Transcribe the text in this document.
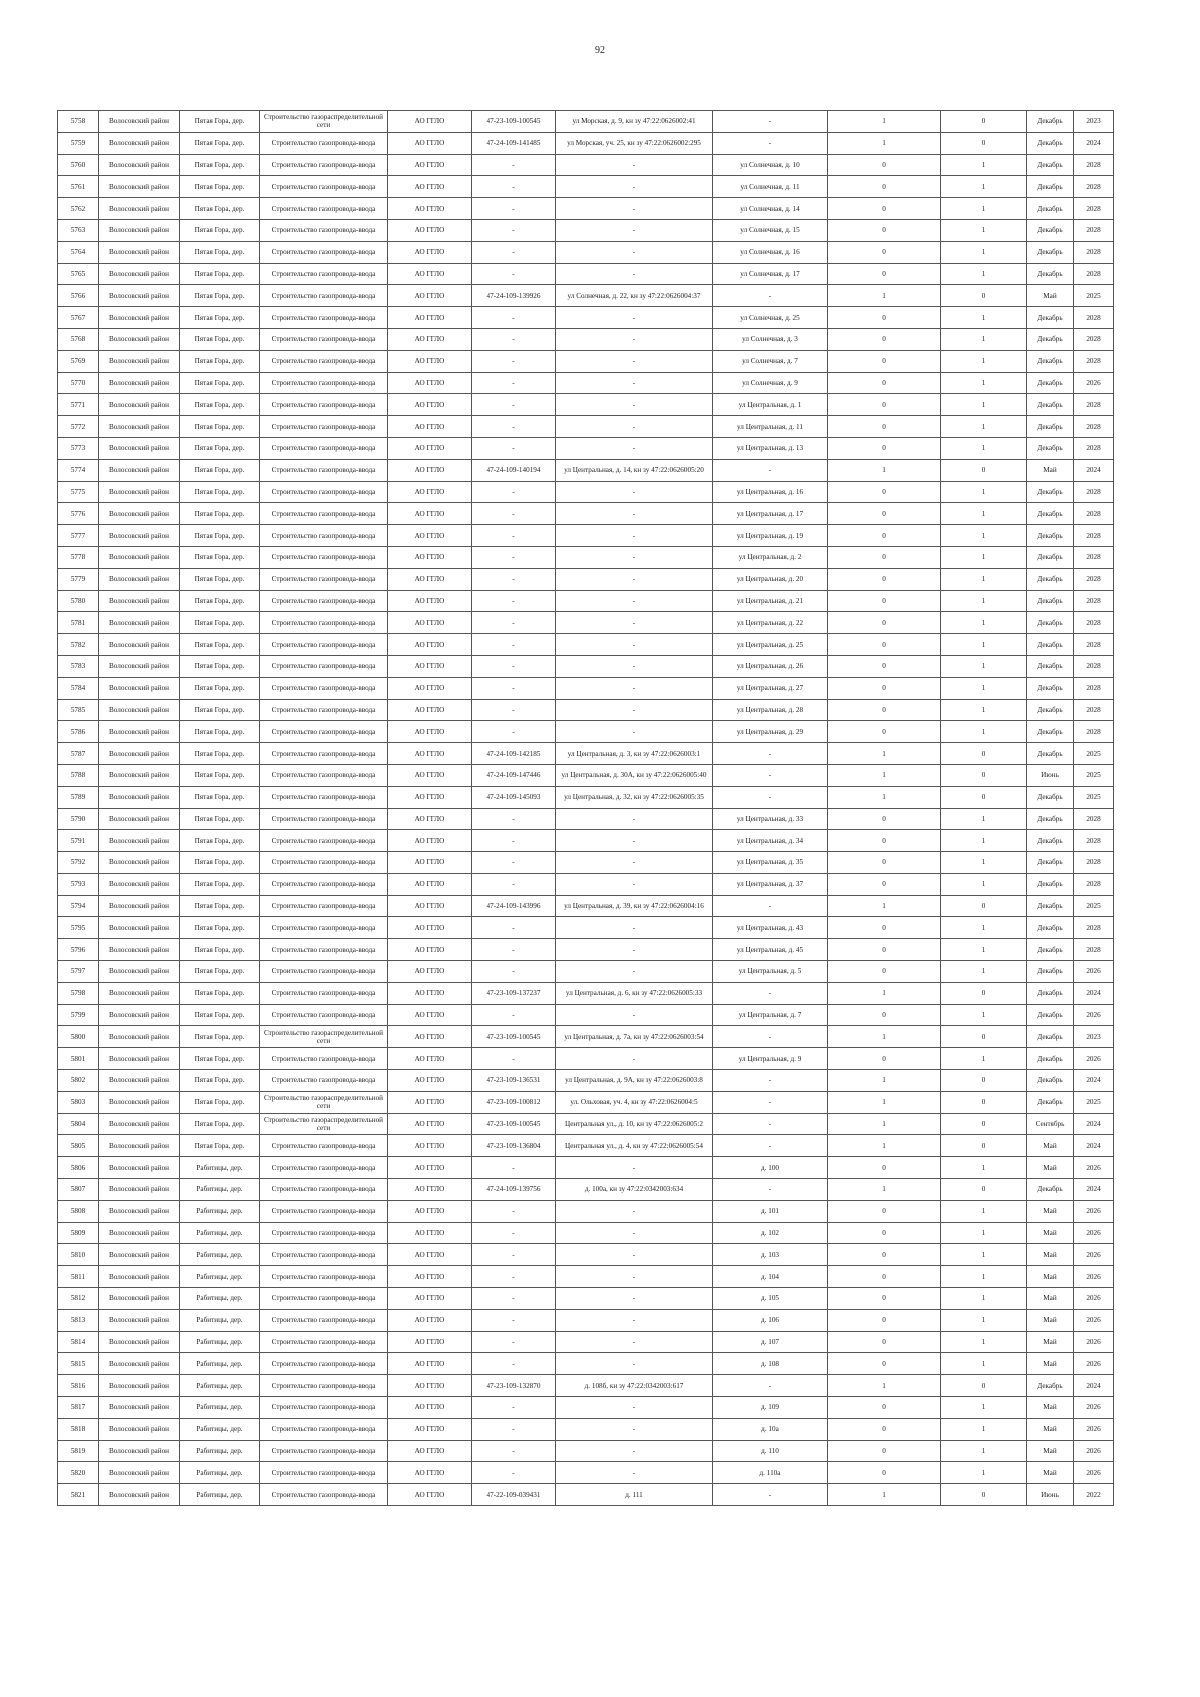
92
5758	Волосовский район	Пятая Гора, дер.	Строительство газораспределительной сети	АО ГГЛО	47-23-109-100545	ул Морская, д. 9, кн зу 47:22:0626002:41	-	1	0	Декабрь	2023
5759	Волосовский район	Пятая Гора, дер.	Строительство газопровода-ввода	АО ГГЛО	47-24-109-141485	ул Морская, уч. 25, кн зу 47:22:0626002:295	-	1	0	Декабрь	2024
5760	Волосовский район	Пятая Гора, дер.	Строительство газопровода-ввода	АО ГГЛО	-	-	ул Солнечная, д. 10	0	1	Декабрь	2028
5761	Волосовский район	Пятая Гора, дер.	Строительство газопровода-ввода	АО ГГЛО	-	-	ул Солнечная, д. 11	0	1	Декабрь	2028
5762	Волосовский район	Пятая Гора, дер.	Строительство газопровода-ввода	АО ГГЛО	-	-	ул Солнечная, д. 14	0	1	Декабрь	2028
5763	Волосовский район	Пятая Гора, дер.	Строительство газопровода-ввода	АО ГГЛО	-	-	ул Солнечная, д. 15	0	1	Декабрь	2028
5764	Волосовский район	Пятая Гора, дер.	Строительство газопровода-ввода	АО ГГЛО	-	-	ул Солнечная, д. 16	0	1	Декабрь	2028
5765	Волосовский район	Пятая Гора, дер.	Строительство газопровода-ввода	АО ГГЛО	-	-	ул Солнечная, д. 17	0	1	Декабрь	2028
5766	Волосовский район	Пятая Гора, дер.	Строительство газопровода-ввода	АО ГГЛО	47-24-109-139926	ул Солнечная, д. 22, кн зу 47:22:0626004:37	-	1	0	Май	2025
5767	Волосовский район	Пятая Гора, дер.	Строительство газопровода-ввода	АО ГГЛО	-	-	ул Солнечная, д. 25	0	1	Декабрь	2028
5768	Волосовский район	Пятая Гора, дер.	Строительство газопровода-ввода	АО ГГЛО	-	-	ул Солнечная, д. 3	0	1	Декабрь	2028
5769	Волосовский район	Пятая Гора, дер.	Строительство газопровода-ввода	АО ГГЛО	-	-	ул Солнечная, д. 7	0	1	Декабрь	2028
5770	Волосовский район	Пятая Гора, дер.	Строительство газопровода-ввода	АО ГГЛО	-	-	ул Солнечная, д. 9	0	1	Декабрь	2026
5771	Волосовский район	Пятая Гора, дер.	Строительство газопровода-ввода	АО ГГЛО	-	-	ул Центральная, д. 1	0	1	Декабрь	2028
5772	Волосовский район	Пятая Гора, дер.	Строительство газопровода-ввода	АО ГГЛО	-	-	ул Центральная, д. 11	0	1	Декабрь	2028
5773	Волосовский район	Пятая Гора, дер.	Строительство газопровода-ввода	АО ГГЛО	-	-	ул Центральная, д. 13	0	1	Декабрь	2028
5774	Волосовский район	Пятая Гора, дер.	Строительство газопровода-ввода	АО ГГЛО	47-24-109-140194	ул Центральная, д. 14, кн зу 47:22:0626005:20	-	1	0	Май	2024
5775	Волосовский район	Пятая Гора, дер.	Строительство газопровода-ввода	АО ГГЛО	-	-	ул Центральная, д. 16	0	1	Декабрь	2028
5776	Волосовский район	Пятая Гора, дер.	Строительство газопровода-ввода	АО ГГЛО	-	-	ул Центральная, д. 17	0	1	Декабрь	2028
5777	Волосовский район	Пятая Гора, дер.	Строительство газопровода-ввода	АО ГГЛО	-	-	ул Центральная, д. 19	0	1	Декабрь	2028
5778	Волосовский район	Пятая Гора, дер.	Строительство газопровода-ввода	АО ГГЛО	-	-	ул Центральная, д. 2	0	1	Декабрь	2028
5779	Волосовский район	Пятая Гора, дер.	Строительство газопровода-ввода	АО ГГЛО	-	-	ул Центральная, д. 20	0	1	Декабрь	2028
5780	Волосовский район	Пятая Гора, дер.	Строительство газопровода-ввода	АО ГГЛО	-	-	ул Центральная, д. 21	0	1	Декабрь	2028
5781	Волосовский район	Пятая Гора, дер.	Строительство газопровода-ввода	АО ГГЛО	-	-	ул Центральная, д. 22	0	1	Декабрь	2028
5782	Волосовский район	Пятая Гора, дер.	Строительство газопровода-ввода	АО ГГЛО	-	-	ул Центральная, д. 25	0	1	Декабрь	2028
5783	Волосовский район	Пятая Гора, дер.	Строительство газопровода-ввода	АО ГГЛО	-	-	ул Центральная, д. 26	0	1	Декабрь	2028
5784	Волосовский район	Пятая Гора, дер.	Строительство газопровода-ввода	АО ГГЛО	-	-	ул Центральная, д. 27	0	1	Декабрь	2028
5785	Волосовский район	Пятая Гора, дер.	Строительство газопровода-ввода	АО ГГЛО	-	-	ул Центральная, д. 28	0	1	Декабрь	2028
5786	Волосовский район	Пятая Гора, дер.	Строительство газопровода-ввода	АО ГГЛО	-	-	ул Центральная, д. 29	0	1	Декабрь	2028
5787	Волосовский район	Пятая Гора, дер.	Строительство газопровода-ввода	АО ГГЛО	47-24-109-142185	ул Центральная, д. 3, кн зу 47:22:0626003:1	-	1	0	Декабрь	2025
5788	Волосовский район	Пятая Гора, дер.	Строительство газопровода-ввода	АО ГГЛО	47-24-109-147446	ул Центральная, д. 30А, кн зу 47:22:0626005:40	-	1	0	Июнь	2025
5789	Волосовский район	Пятая Гора, дер.	Строительство газопровода-ввода	АО ГГЛО	47-24-109-145093	ул Центральная, д. 32, кн зу 47:22:0626005:35	-	1	0	Декабрь	2025
5790	Волосовский район	Пятая Гора, дер.	Строительство газопровода-ввода	АО ГГЛО	-	-	ул Центральная, д. 33	0	1	Декабрь	2028
5791	Волосовский район	Пятая Гора, дер.	Строительство газопровода-ввода	АО ГГЛО	-	-	ул Центральная, д. 34	0	1	Декабрь	2028
5792	Волосовский район	Пятая Гора, дер.	Строительство газопровода-ввода	АО ГГЛО	-	-	ул Центральная, д. 35	0	1	Декабрь	2028
5793	Волосовский район	Пятая Гора, дер.	Строительство газопровода-ввода	АО ГГЛО	-	-	ул Центральная, д. 37	0	1	Декабрь	2028
5794	Волосовский район	Пятая Гора, дер.	Строительство газопровода-ввода	АО ГГЛО	47-24-109-143996	ул Центральная, д. 39, кн зу 47:22:0626004:16	-	1	0	Декабрь	2025
5795	Волосовский район	Пятая Гора, дер.	Строительство газопровода-ввода	АО ГГЛО	-	-	ул Центральная, д. 43	0	1	Декабрь	2028
5796	Волосовский район	Пятая Гора, дер.	Строительство газопровода-ввода	АО ГГЛО	-	-	ул Центральная, д. 45	0	1	Декабрь	2028
5797	Волосовский район	Пятая Гора, дер.	Строительство газопровода-ввода	АО ГГЛО	-	-	ул Центральная, д. 5	0	1	Декабрь	2026
5798	Волосовский район	Пятая Гора, дер.	Строительство газопровода-ввода	АО ГГЛО	47-23-109-137237	ул Центральная, д. 6, кн зу 47:22:0626005:33	-	1	0	Декабрь	2024
5799	Волосовский район	Пятая Гора, дер.	Строительство газопровода-ввода	АО ГГЛО	-	-	ул Центральная, д. 7	0	1	Декабрь	2026
5800	Волосовский район	Пятая Гора, дер.	Строительство газораспределительной сети	АО ГГЛО	47-23-109-100545	ул Центральная, д. 7а, кн зу 47:22:0626003:54	-	1	0	Декабрь	2023
5801	Волосовский район	Пятая Гора, дер.	Строительство газопровода-ввода	АО ГГЛО	-	-	ул Центральная, д. 9	0	1	Декабрь	2026
5802	Волосовский район	Пятая Гора, дер.	Строительство газопровода-ввода	АО ГГЛО	47-23-109-136531	ул Центральная, д. 9А, кн зу 47:22:0626003:8	-	1	0	Декабрь	2024
5803	Волосовский район	Пятая Гора, дер.	Строительство газораспределительной сети	АО ГГЛО	47-23-109-100812	ул. Ольховая, уч. 4, кн зу 47:22:0626004:5	-	1	0	Декабрь	2025
5804	Волосовский район	Пятая Гора, дер.	Строительство газораспределительной сети	АО ГГЛО	47-23-109-100545	Центральная ул., д. 10, кн зу 47:22:0626005:2	-	1	0	Сентябрь	2024
5805	Волосовский район	Пятая Гора, дер.	Строительство газопровода-ввода	АО ГГЛО	47-23-109-136804	Центральная ул., д. 4, кн зу 47:22:0626005:54	-	1	0	Май	2024
5806	Волосовский район	Рабитицы, дер.	Строительство газопровода-ввода	АО ГГЛО	-	-	д. 100	0	1	Май	2026
5807	Волосовский район	Рабитицы, дер.	Строительство газопровода-ввода	АО ГГЛО	47-24-109-139756	д. 100а, кн зу 47:22:0342003:634	-	1	0	Декабрь	2024
5808	Волосовский район	Рабитицы, дер.	Строительство газопровода-ввода	АО ГГЛО	-	-	д. 101	0	1	Май	2026
5809	Волосовский район	Рабитицы, дер.	Строительство газопровода-ввода	АО ГГЛО	-	-	д. 102	0	1	Май	2026
5810	Волосовский район	Рабитицы, дер.	Строительство газопровода-ввода	АО ГГЛО	-	-	д. 103	0	1	Май	2026
5811	Волосовский район	Рабитицы, дер.	Строительство газопровода-ввода	АО ГГЛО	-	-	д. 104	0	1	Май	2026
5812	Волосовский район	Рабитицы, дер.	Строительство газопровода-ввода	АО ГГЛО	-	-	д. 105	0	1	Май	2026
5813	Волосовский район	Рабитицы, дер.	Строительство газопровода-ввода	АО ГГЛО	-	-	д. 106	0	1	Май	2026
5814	Волосовский район	Рабитицы, дер.	Строительство газопровода-ввода	АО ГГЛО	-	-	д. 107	0	1	Май	2026
5815	Волосовский район	Рабитицы, дер.	Строительство газопровода-ввода	АО ГГЛО	-	-	д. 108	0	1	Май	2026
5816	Волосовский район	Рабитицы, дер.	Строительство газопровода-ввода	АО ГГЛО	47-23-109-132870	д. 108б, кн зу 47:22:0342003:617	-	1	0	Декабрь	2024
5817	Волосовский район	Рабитицы, дер.	Строительство газопровода-ввода	АО ГГЛО	-	-	д. 109	0	1	Май	2026
5818	Волосовский район	Рабитицы, дер.	Строительство газопровода-ввода	АО ГГЛО	-	-	д. 10а	0	1	Май	2026
5819	Волосовский район	Рабитицы, дер.	Строительство газопровода-ввода	АО ГГЛО	-	-	д. 110	0	1	Май	2026
5820	Волосовский район	Рабитицы, дер.	Строительство газопровода-ввода	АО ГГЛО	-	-	д. 110а	0	1	Май	2026
5821	Волосовский район	Рабитицы, дер.	Строительство газопровода-ввода	АО ГГЛО	47-22-109-039431	д. 111	-	1	0	Июнь	2022
